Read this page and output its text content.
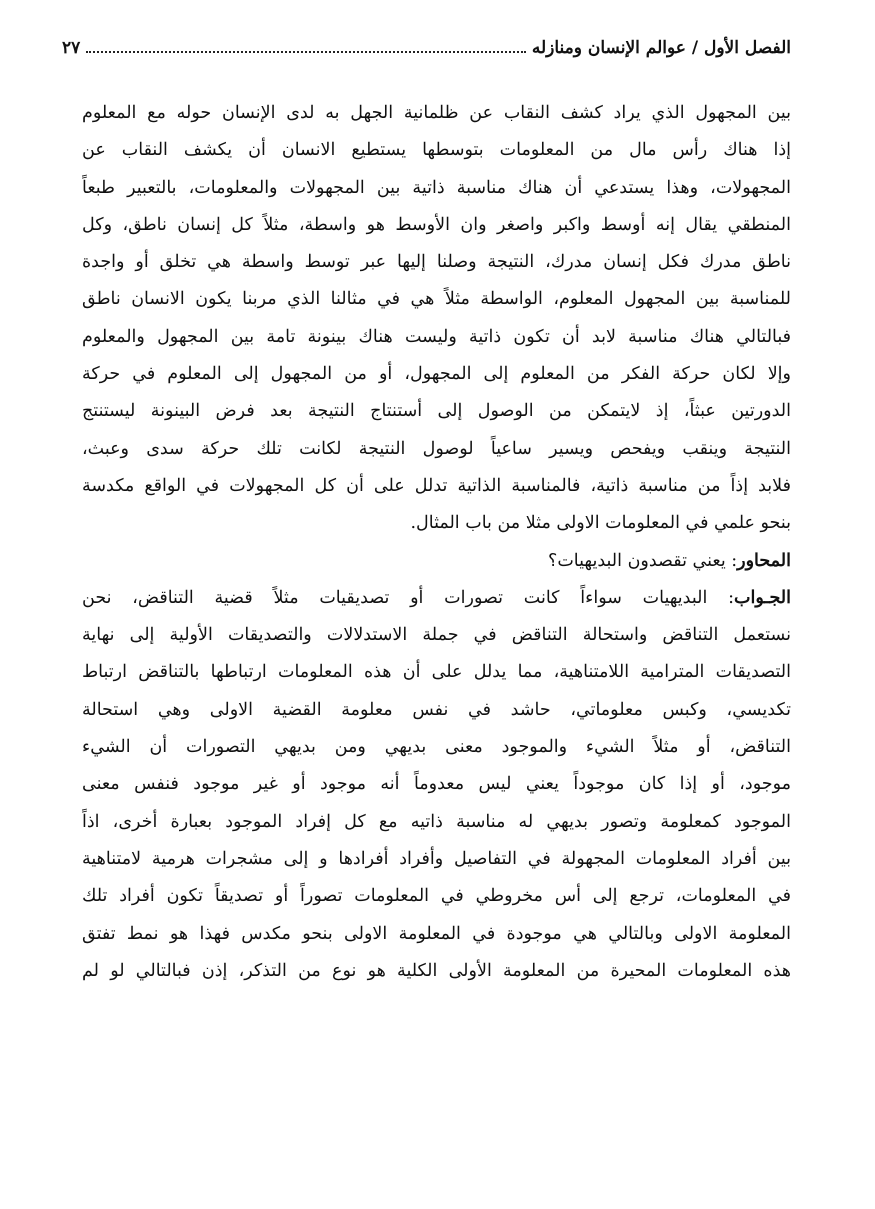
الفصل الأول / عوالم الإنسان ومنازله
٢٧
بين المجهول الذي يراد كشف النقاب عن ظلمانية الجهل به لدى الإنسان حوله مع المعلوم
إذا هناك رأس مال من المعلومات بتوسطها يستطيع الانسان أن يكشف النقاب عن
المجهولات، وهذا يستدعي أن هناك مناسبة ذاتية بين المجهولات والمعلومات، بالتعبير طبعاً
المنطقي يقال إنه أوسط واكبر واصغر وان الأوسط هو واسطة، مثلاً كل إنسان ناطق، وكل
ناطق مدرك فكل إنسان مدرك، النتيجة وصلنا إليها عبر توسط واسطة هي تخلق أو واجدة
للمناسبة بين المجهول المعلوم، الواسطة مثلاً هي في مثالنا الذي مربنا يكون الانسان ناطق
فبالتالي هناك مناسبة لابد أن تكون ذاتية وليست هناك بينونة تامة بين المجهول والمعلوم
وإلا لكان حركة الفكر من المعلوم إلى المجهول، أو من المجهول إلى المعلوم في حركة
الدورتين عبثاً، إذ لايتمكن من الوصول إلى أستنتاج النتيجة بعد فرض البينونة ليستنتج
النتيجة وينقب ويفحص ويسير ساعياً لوصول النتيجة لكانت تلك حركة سدى وعبث،
فلابد إذاً من مناسبة ذاتية، فالمناسبة الذاتية تدلل على أن كل المجهولات في الواقع مكدسة
بنحو علمي في المعلومات الاولى مثلا من باب المثال.
المحاور: يعني تقصدون البديهيات؟
الجـواب: البديهيات سواءاً كانت تصورات أو تصديقيات مثلاً قضية التناقض، نحن
نستعمل التناقض واستحالة التناقض في جملة الاستدلالات والتصديقات الأولية إلى نهاية
التصديقات المترامية اللامتناهية، مما يدلل على أن هذه المعلومات ارتباطها بالتناقض ارتباط
تكديسي، وكبس معلوماتي، حاشد في نفس معلومة القضية الاولى وهي استحالة
التناقض، أو مثلاً الشيء والموجود معنى بديهي ومن بديهي التصورات أن الشيء
موجود، أو إذا كان موجوداً يعني ليس معدوماً أنه موجود أو غير موجود فنفس معنى
الموجود كمعلومة وتصور بديهي له مناسبة ذاتيه مع كل إفراد الموجود بعبارة أخرى، اذاً
بين أفراد المعلومات المجهولة في التفاصيل وأفراد أفرادها و إلى مشجرات هرمية لامتناهية
في المعلومات، ترجع إلى أس مخروطي في المعلومات تصوراً أو تصديقاً تكون أفراد تلك
المعلومة الاولى وبالتالي هي موجودة في المعلومة الاولى بنحو مكدس فهذا هو نمط تفتق
هذه المعلومات المحيرة من المعلومة الأولى الكلية هو نوع من التذكر، إذن فبالتالي لو لم
